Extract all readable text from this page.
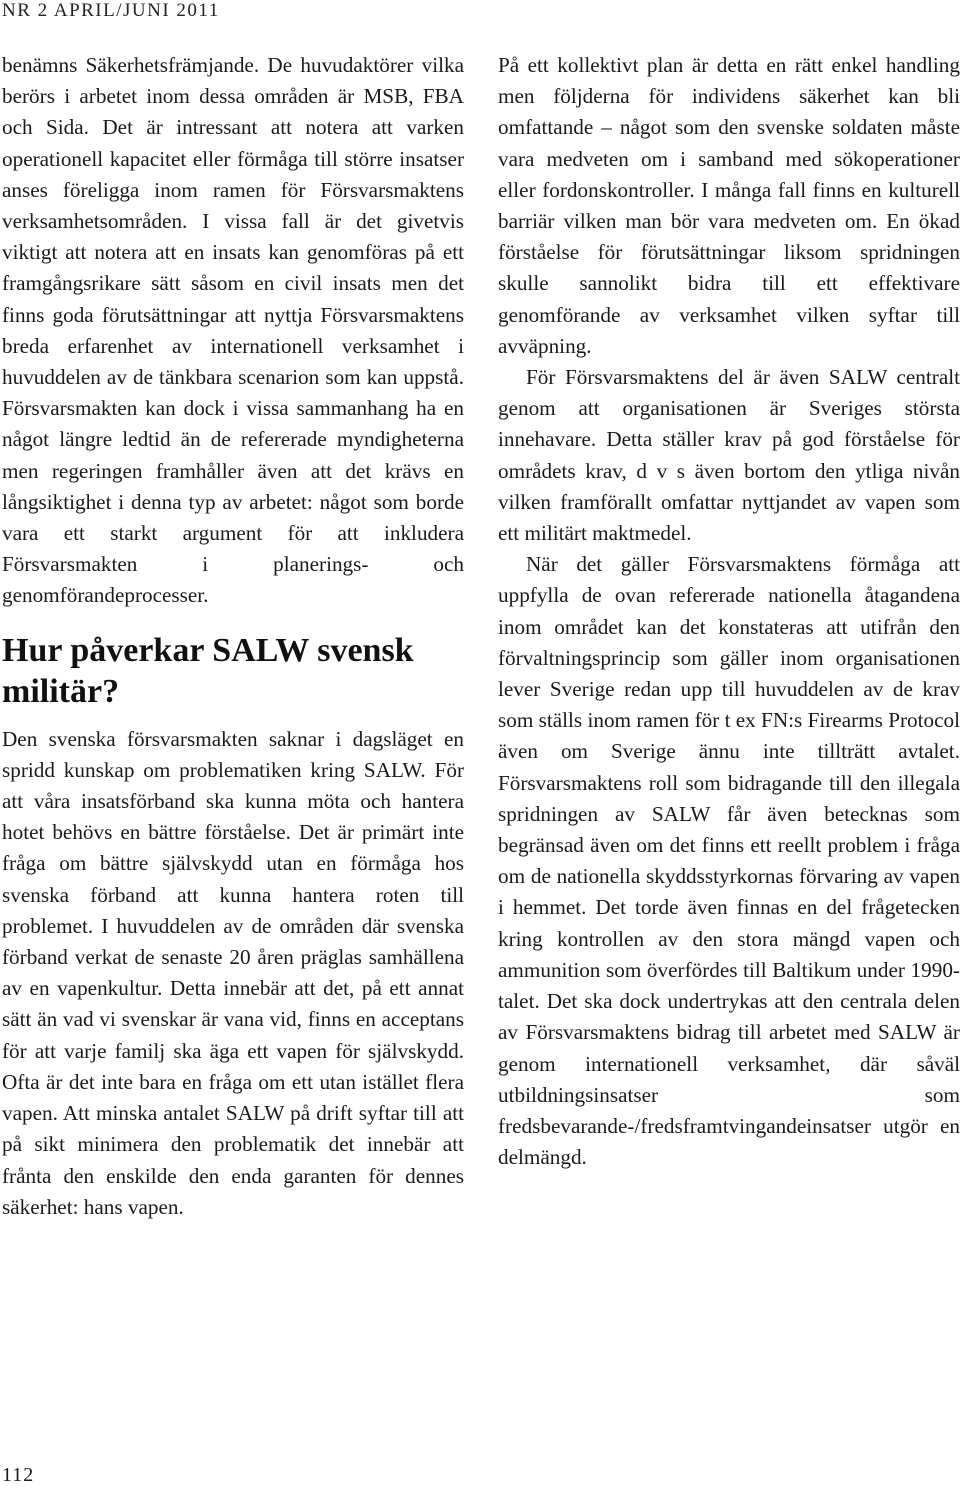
NR 2 APRIL/JUNI 2011

benämns Säkerhetsfrämjande. De huvudaktörer vilka berörs i arbetet inom dessa områden är MSB, FBA och Sida. Det är intressant att notera att varken operationell kapacitet eller förmåga till större insatser anses föreligga inom ramen för Försvarsmaktens verksamhetsområden. I vissa fall är det givetvis viktigt att notera att en insats kan genomföras på ett framgångsrikare sätt såsom en civil insats men det finns goda förutsättningar att nyttja Försvarsmaktens breda erfarenhet av internationell verksamhet i huvuddelen av de tänkbara scenarion som kan uppstå. Försvarsmakten kan dock i vissa sammanhang ha en något längre ledtid än de refererade myndigheterna men regeringen framhåller även att det krävs en långsiktighet i denna typ av arbetet: något som borde vara ett starkt argument för att inkludera Försvarsmakten i planerings- och genomförandeprocesser.

Hur påverkar SALW svensk militär?

Den svenska försvarsmakten saknar i dagsläget en spridd kunskap om problematiken kring SALW. För att våra insatsförband ska kunna möta och hantera hotet behövs en bättre förståelse. Det är primärt inte fråga om bättre självskydd utan en förmåga hos svenska förband att kunna hantera roten till problemet. I huvuddelen av de områden där svenska förband verkat de senaste 20 åren präglas samhällena av en vapenkultur. Detta innebär att det, på ett annat sätt än vad vi svenskar är vana vid, finns en acceptans för att varje familj ska äga ett vapen för självskydd. Ofta är det inte bara en fråga om ett utan istället flera vapen. Att minska antalet SALW på drift syftar till att på sikt minimera den problematik det innebär att frånta den enskilde den enda garanten för dennes säkerhet: hans vapen.

På ett kollektivt plan är detta en rätt enkel handling men följderna för individens säkerhet kan bli omfattande – något som den svenske soldaten måste vara medveten om i samband med sökoperationer eller fordonskontroller. I många fall finns en kulturell barriär vilken man bör vara medveten om. En ökad förståelse för förutsättningar liksom spridningen skulle sannolikt bidra till ett effektivare genomförande av verksamhet vilken syftar till avväpning.

För Försvarsmaktens del är även SALW centralt genom att organisationen är Sveriges största innehavare. Detta ställer krav på god förståelse för områdets krav, d v s även bortom den ytliga nivån vilken framförallt omfattar nyttjandet av vapen som ett militärt maktmedel.

När det gäller Försvarsmaktens förmåga att uppfylla de ovan refererade nationella åtagandena inom området kan det konstateras att utifrån den förvaltningsprincip som gäller inom organisationen lever Sverige redan upp till huvuddelen av de krav som ställs inom ramen för t ex FN:s Firearms Protocol även om Sverige ännu inte tillträtt avtalet. Försvarsmaktens roll som bidragande till den illegala spridningen av SALW får även betecknas som begränsad även om det finns ett reellt problem i fråga om de nationella skyddsstyrkornas förvaring av vapen i hemmet. Det torde även finnas en del frågetecken kring kontrollen av den stora mängd vapen och ammunition som överfördes till Baltikum under 1990-talet. Det ska dock undertrykas att den centrala delen av Försvarsmaktens bidrag till arbetet med SALW är genom internationell verksamhet, där såväl utbildningsinsatser som fredsbevarande-/fredsframtvingandeinsatser utgör en delmängd.

112
